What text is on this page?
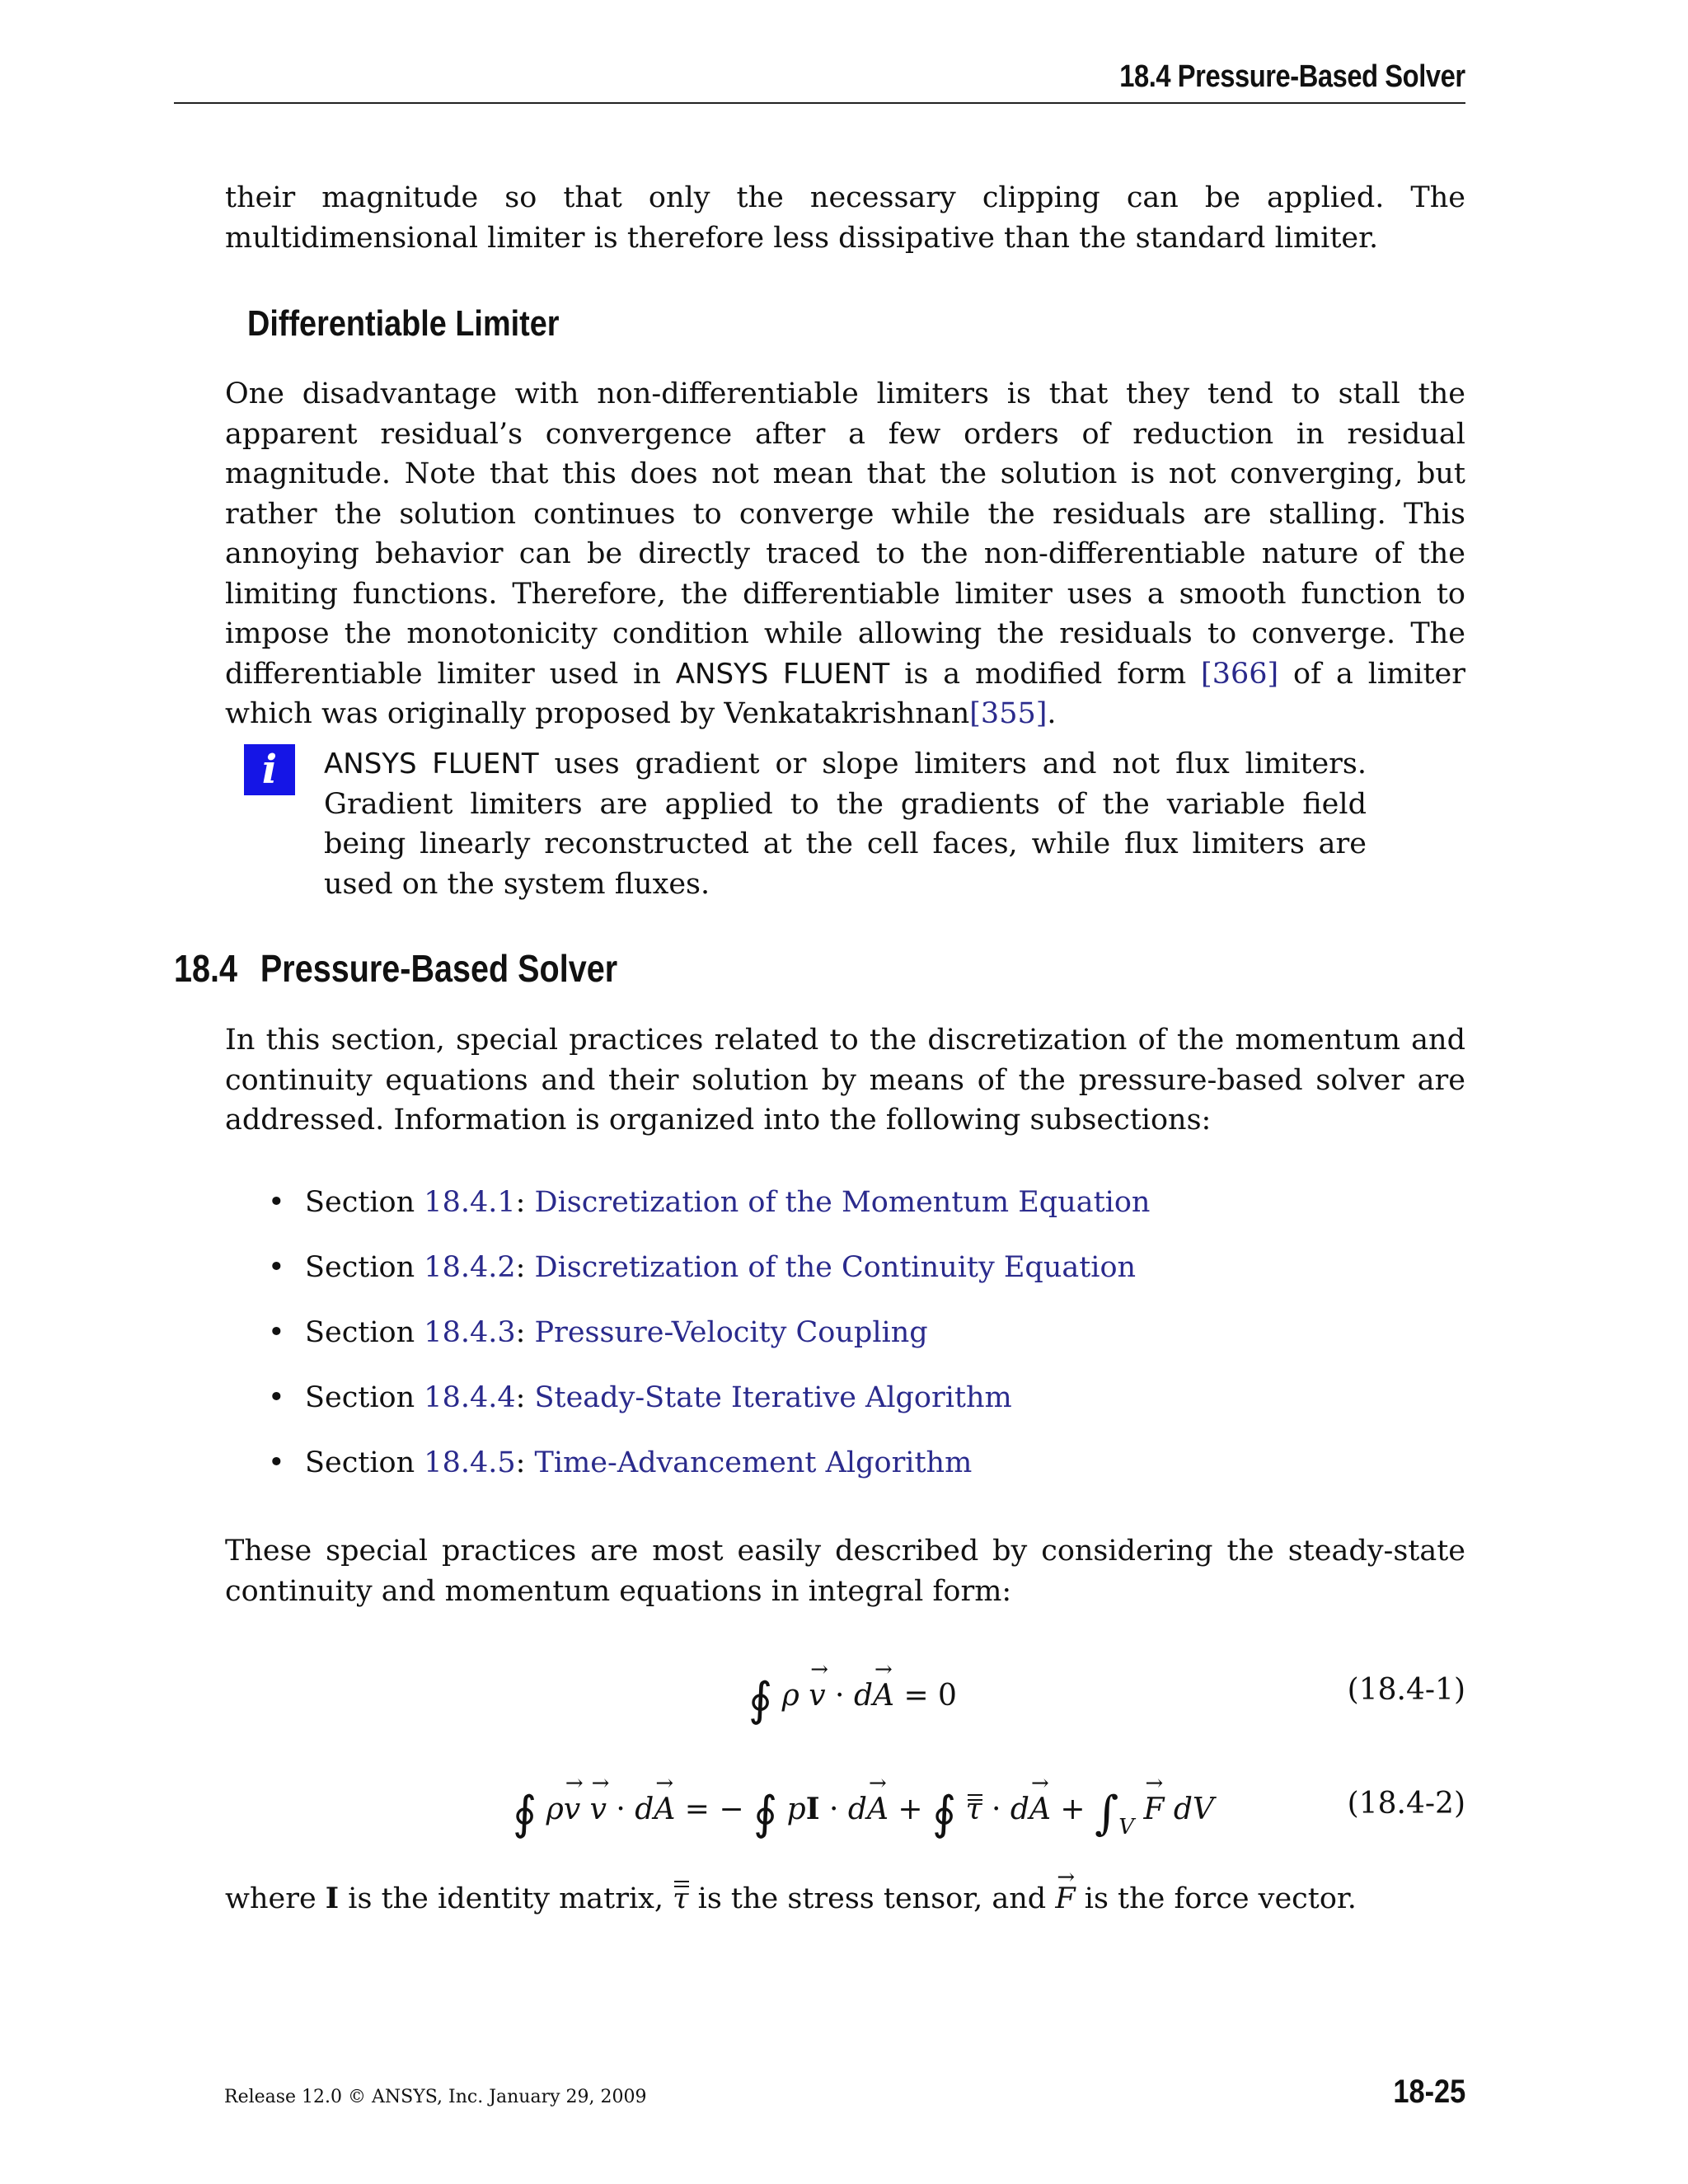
18.4 Pressure-Based Solver

their magnitude so that only the necessary clipping can be applied. The multidimensional limiter is therefore less dissipative than the standard limiter.

Differentiable Limiter

One disadvantage with non-differentiable limiters is that they tend to stall the apparent residual’s convergence after a few orders of reduction in residual magnitude. Note that this does not mean that the solution is not converging, but rather the solution continues to converge while the residuals are stalling. This annoying behavior can be directly traced to the non-differentiable nature of the limiting functions. Therefore, the differentiable limiter uses a smooth function to impose the monotonicity condition while allowing the residuals to converge. The differentiable limiter used in ANSYS FLUENT is a modified form [366] of a limiter which was originally proposed by Venkatakrishnan[355].

i	ANSYS FLUENT uses gradient or slope limiters and not flux limiters. Gradient limiters are applied to the gradients of the variable field being linearly reconstructed at the cell faces, while flux limiters are used on the system fluxes.

18.4 Pressure-Based Solver

In this section, special practices related to the discretization of the momentum and continuity equations and their solution by means of the pressure-based solver are addressed. Information is organized into the following subsections:

• Section 18.4.1: Discretization of the Momentum Equation
• Section 18.4.2: Discretization of the Continuity Equation
• Section 18.4.3: Pressure-Velocity Coupling
• Section 18.4.4: Steady-State Iterative Algorithm
• Section 18.4.5: Time-Advancement Algorithm

These special practices are most easily described by considering the steady-state continuity and momentum equations in integral form:

∮ ρ → v · d→ A = 0	(18.4-1)
∮ ρ→ v → v · d→ A = − ∮ pI · d→ A + ∮ $\tau \cdot d\to A + \int_V \to F$ dV	(18.4-2)

where I is the identity matrix, τ is the stress tensor, and → F is the force vector.

Release 12.0 © ANSYS, Inc. January 29, 2009	18-25
